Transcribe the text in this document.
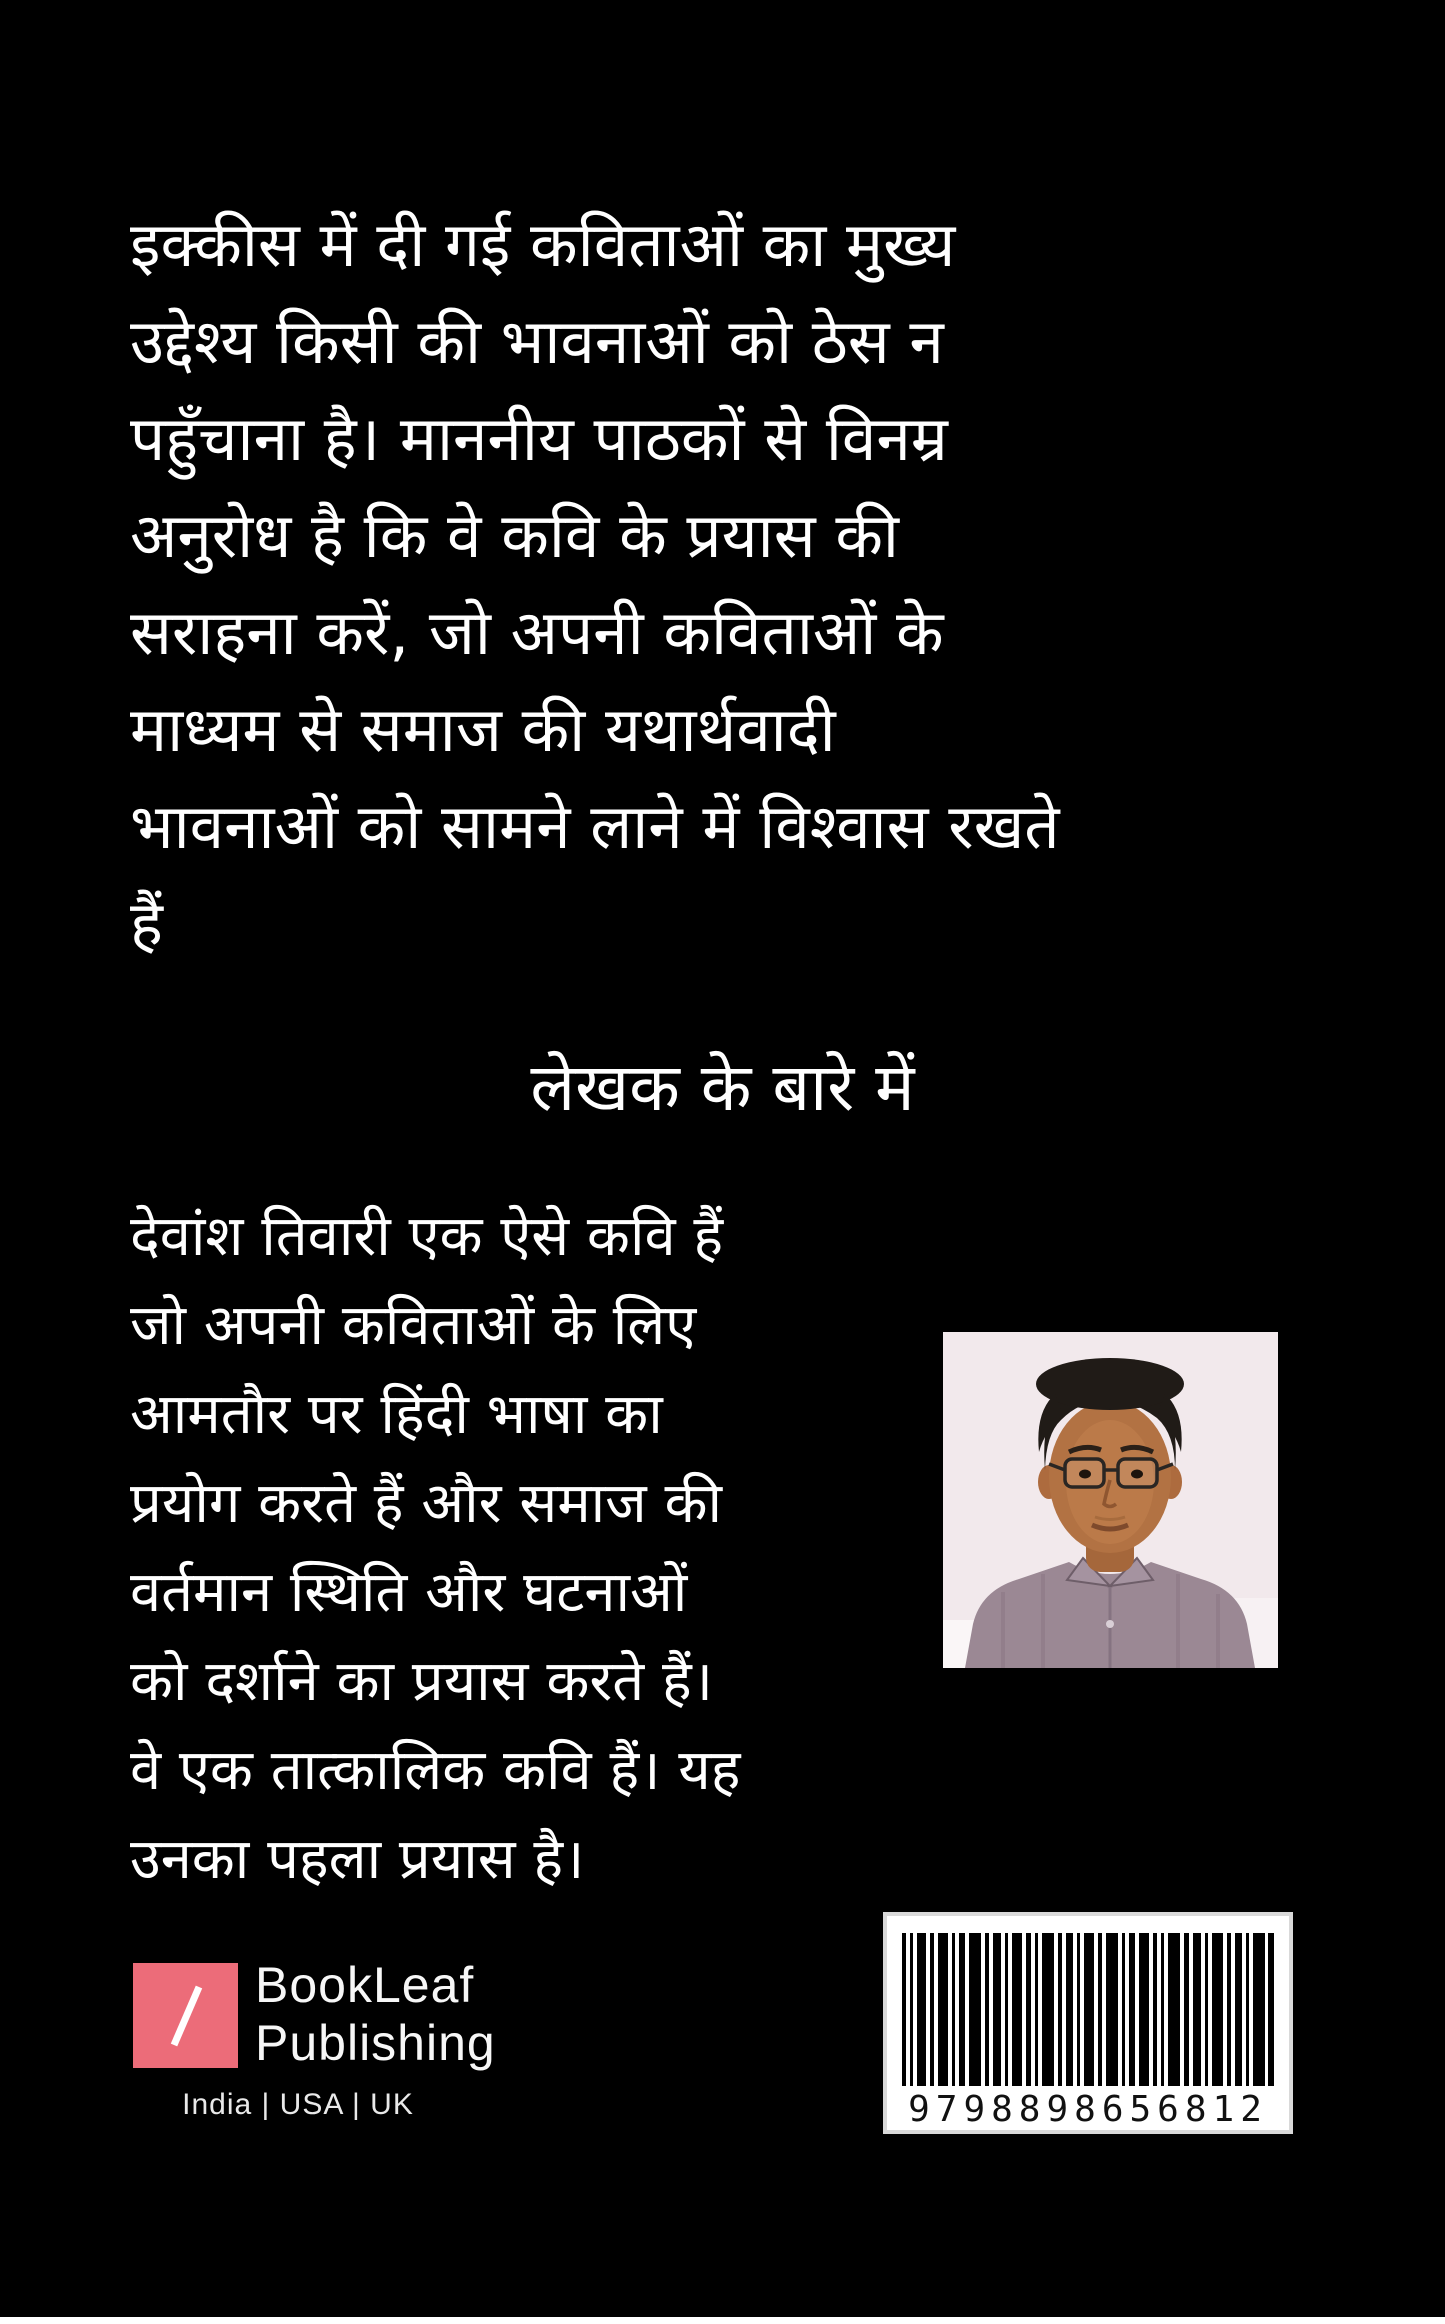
इक्कीस में दी गई कविताओं का मुख्य
उद्देश्य किसी की भावनाओं को ठेस न
पहुँचाना है। माननीय पाठकों से विनम्र
अनुरोध है कि वे कवि के प्रयास की
सराहना करें, जो अपनी कविताओं के
माध्यम से समाज की यथार्थवादी
भावनाओं को सामने लाने में विश्वास रखते
हैं
लेखक के बारे में
देवांश तिवारी एक ऐसे कवि हैं
जो अपनी कविताओं के लिए
आमतौर पर हिंदी भाषा का
प्रयोग करते हैं और समाज की
वर्तमान स्थिति और घटनाओं
को दर्शाने का प्रयास करते हैं।
वे एक तात्कालिक कवि हैं। यह
उनका पहला प्रयास है।
BookLeaf
Publishing
India | USA | UK	9798898656812
